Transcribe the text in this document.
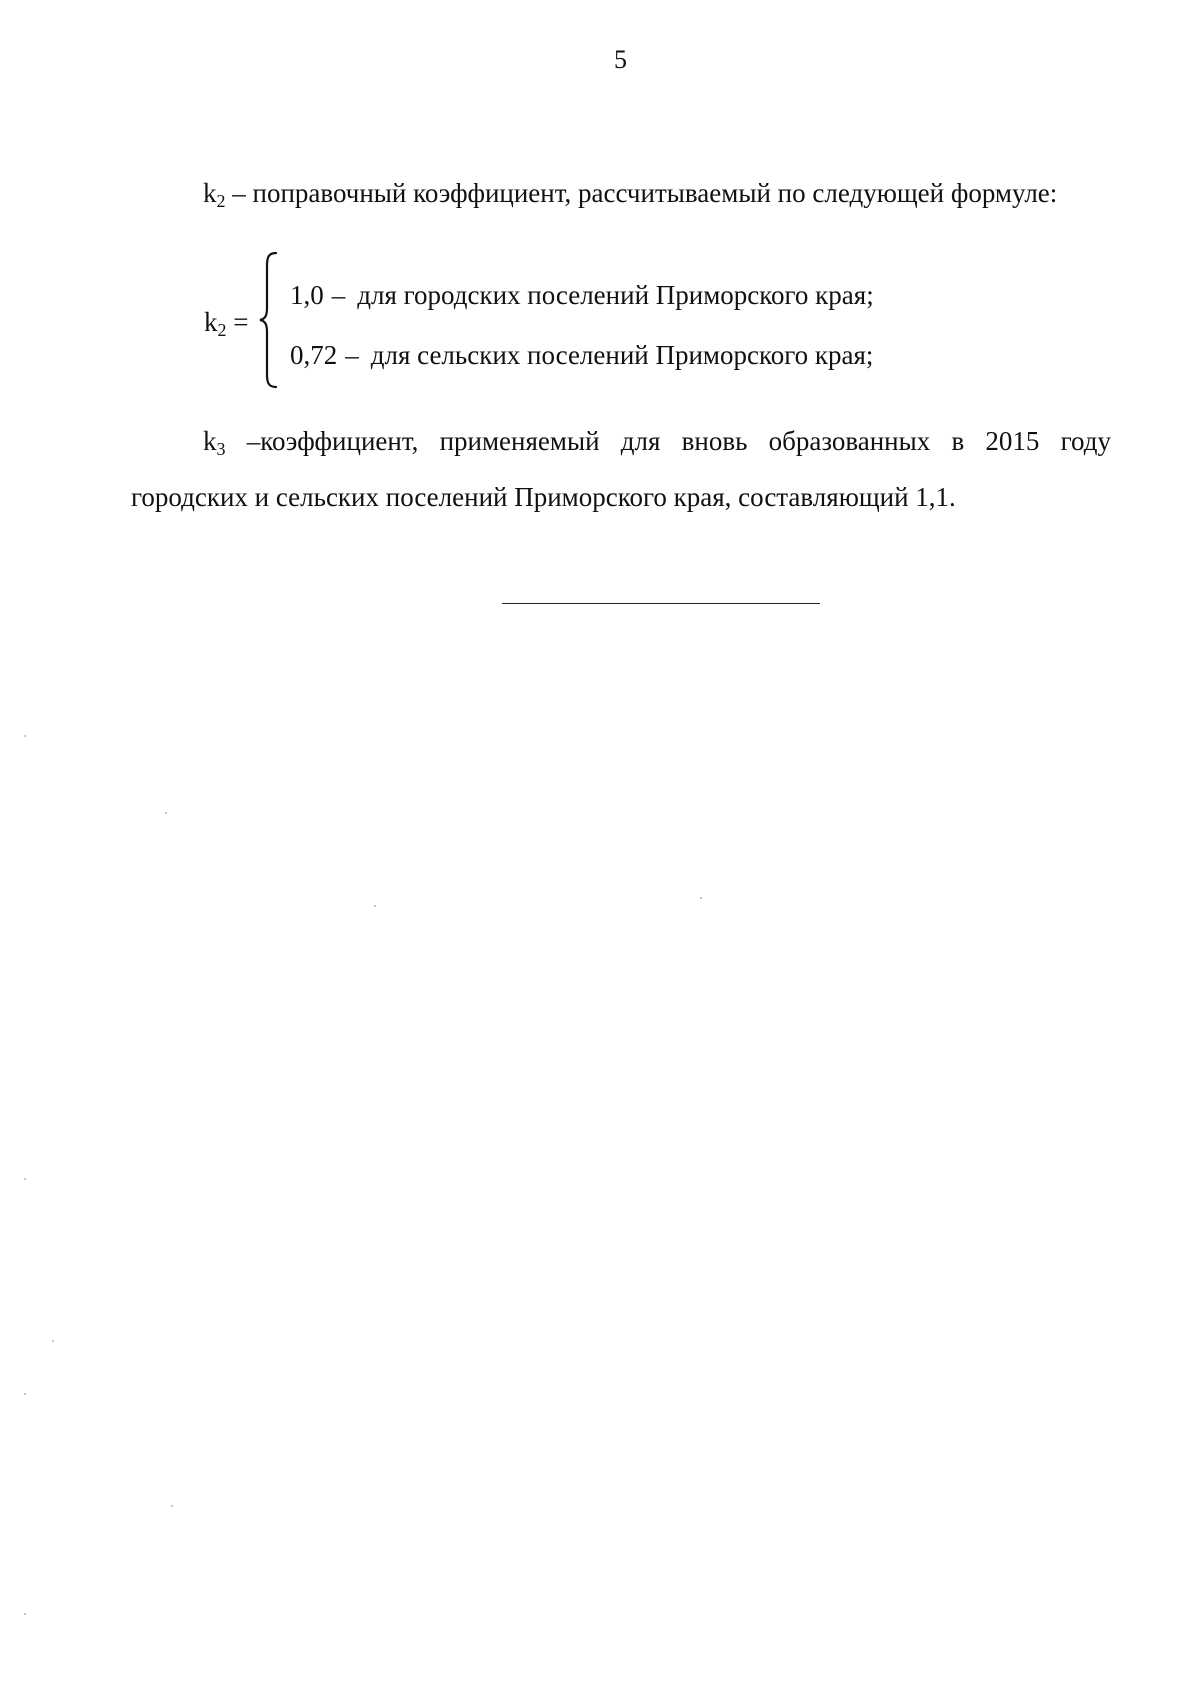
5

$k_2$ – поправочный коэффициент, рассчитываемый по следующей формуле:

$k_2$ =
1,0 – для городских поселений Приморского края;
0,72 – для сельских поселений Приморского края;

$k_3$ –коэффициент, применяемый для вновь образованных в 2015 году городских и сельских поселений Приморского края, составляющий 1,1.
